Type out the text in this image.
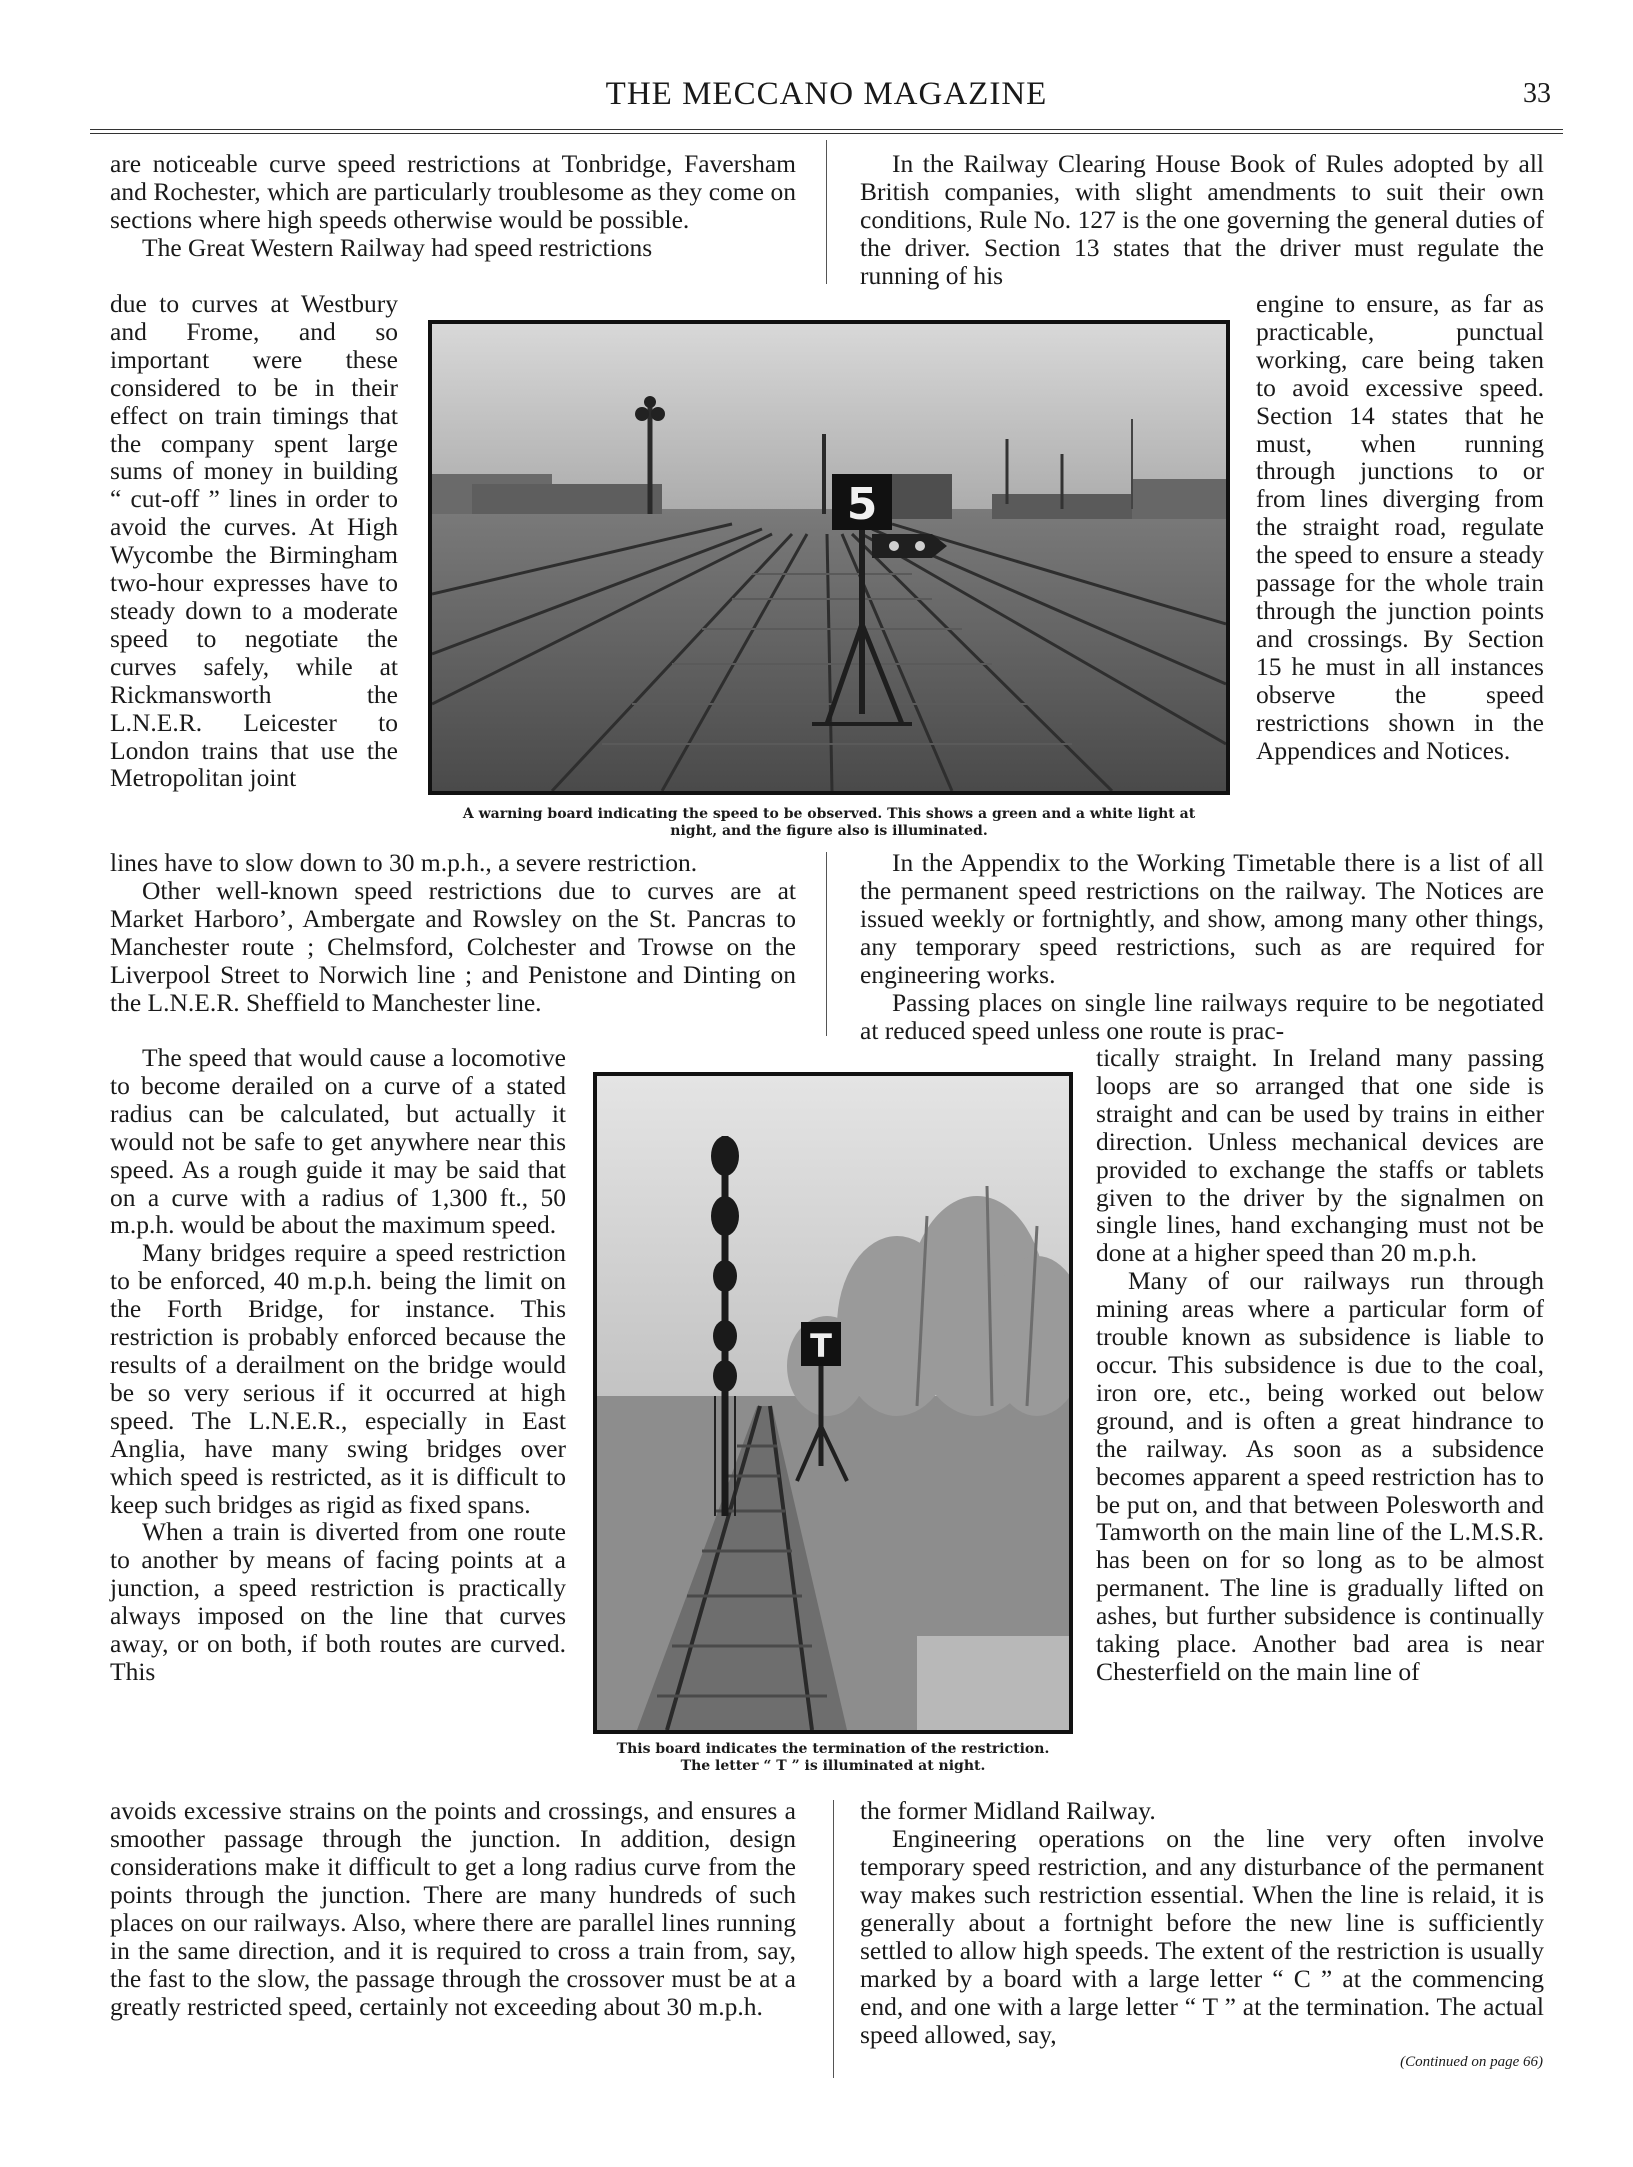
THE MECCANO MAGAZINE	33

are noticeable curve speed restrictions at Tonbridge, Faversham and Rochester, which are particularly troublesome as they come on sections where high speeds otherwise would be possible.

The Great Western Railway had speed restrictions

due to curves at Westbury and Frome, and so important were these considered to be in their effect on train timings that the company spent large sums of money in building “ cut-off ” lines in order to avoid the curves. At High Wycombe the Birmingham two-hour expresses have to steady down to a moderate speed to negotiate the curves safely, while at Rickmansworth the L.N.E.R. Leicester to London trains that use the Metropolitan joint

lines have to slow down to 30 m.p.h., a severe restriction.

Other well-known speed restrictions due to curves are at Market Harboro’, Ambergate and Rowsley on the St. Pancras to Manchester route ; Chelmsford, Colchester and Trowse on the Liverpool Street to Norwich line ; and Penistone and Dinting on the L.N.E.R. Sheffield to Manchester line.

The speed that would cause a locomotive to become derailed on a curve of a stated radius can be calculated, but actually it would not be safe to get anywhere near this speed. As a rough guide it may be said that on a curve with a radius of 1,300 ft., 50 m.p.h. would be about the maximum speed.

Many bridges require a speed restriction to be enforced, 40 m.p.h. being the limit on the Forth Bridge, for instance. This restriction is probably enforced because the results of a derailment on the bridge would be so very serious if it occurred at high speed. The L.N.E.R., especially in East Anglia, have many swing bridges over which speed is restricted, as it is difficult to keep such bridges as rigid as fixed spans.

When a train is diverted from one route to another by means of facing points at a junction, a speed restriction is practically always imposed on the line that curves away, or on both, if both routes are curved. This

avoids excessive strains on the points and crossings, and ensures a smoother passage through the junction. In addition, design considerations make it difficult to get a long radius curve from the points through the junction. There are many hundreds of such places on our railways. Also, where there are parallel lines running in the same direction, and it is required to cross a train from, say, the fast to the slow, the passage through the crossover must be at a greatly restricted speed, certainly not exceeding about 30 m.p.h.

In the Railway Clearing House Book of Rules adopted by all British companies, with slight amendments to suit their own conditions, Rule No. 127 is the one governing the general duties of the driver. Section 13 states that the driver must regulate the running of his

engine to ensure, as far as practicable, punctual working, care being taken to avoid excessive speed. Section 14 states that he must, when running through junctions to or from lines diverging from the straight road, regulate the speed to ensure a steady passage for the whole train through the junction points and crossings. By Section 15 he must in all instances observe the speed restrictions shown in the Appendices and Notices.

In the Appendix to the Working Timetable there is a list of all the permanent speed restrictions on the railway. The Notices are issued weekly or fortnightly, and show, among many other things, any temporary speed restrictions, such as are required for engineering works.

Passing places on single line railways require to be negotiated at reduced speed unless one route is prac-

tically straight. In Ireland many passing loops are so arranged that one side is straight and can be used by trains in either direction. Unless mechanical devices are provided to exchange the staffs or tablets given to the driver by the signalmen on single lines, hand exchanging must not be done at a higher speed than 20 m.p.h.

Many of our railways run through mining areas where a particular form of trouble known as subsidence is liable to occur. This subsidence is due to the coal, iron ore, etc., being worked out below ground, and is often a great hindrance to the railway. As soon as a subsidence becomes apparent a speed restriction has to be put on, and that between Polesworth and Tamworth on the main line of the L.M.S.R. has been on for so long as to be almost permanent. The line is gradually lifted on ashes, but further subsidence is continually taking place. Another bad area is near Chesterfield on the main line of

the former Midland Railway.

Engineering operations on the line very often involve temporary speed restriction, and any disturbance of the permanent way makes such restriction essential. When the line is relaid, it is generally about a fortnight before the new line is sufficiently settled to allow high speeds. The extent of the restriction is usually marked by a board with a large letter “ C ” at the commencing end, and one with a large letter “ T ” at the termination. The actual speed allowed, say,

(Continued on page 66)
5
A warning board indicating the speed to be observed. This shows a green and a white light at
night, and the figure also is illuminated.
T
This board indicates the termination of the restriction.
The letter “ T ” is illuminated at night.
